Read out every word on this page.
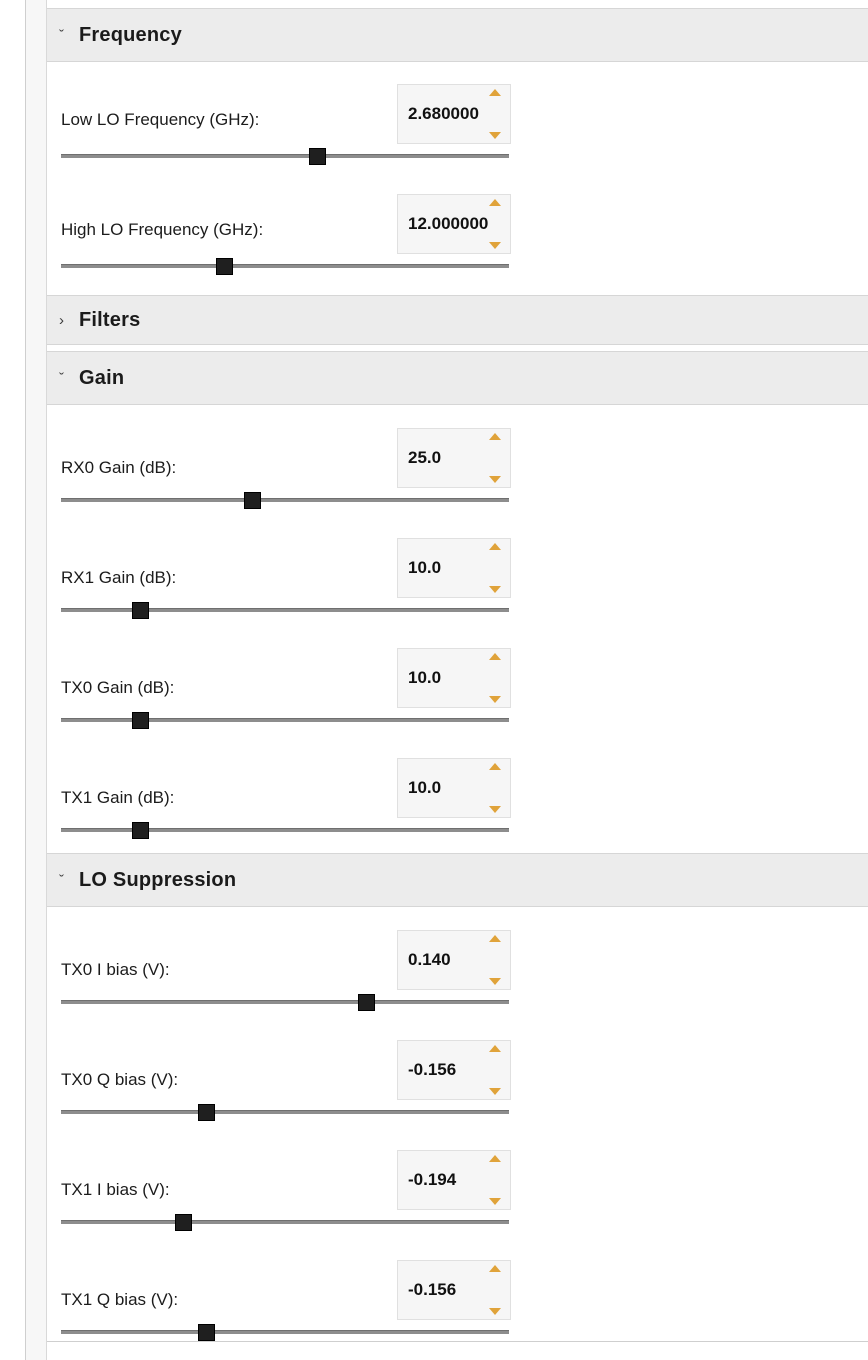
ˇ Frequency
Low LO Frequency (GHz):	2.680000
High LO Frequency (GHz):	12.000000
› Filters
ˇ Gain
RX0 Gain (dB):
25.0
RX1 Gain (dB):
10.0
TX0 Gain (dB):
10.0
TX1 Gain (dB):
10.0
ˇ LO Suppression
TX0 I bias (V):
0.140
TX0 Q bias (V):
-0.156
TX1 I bias (V):
-0.194
TX1 Q bias (V):
-0.156
